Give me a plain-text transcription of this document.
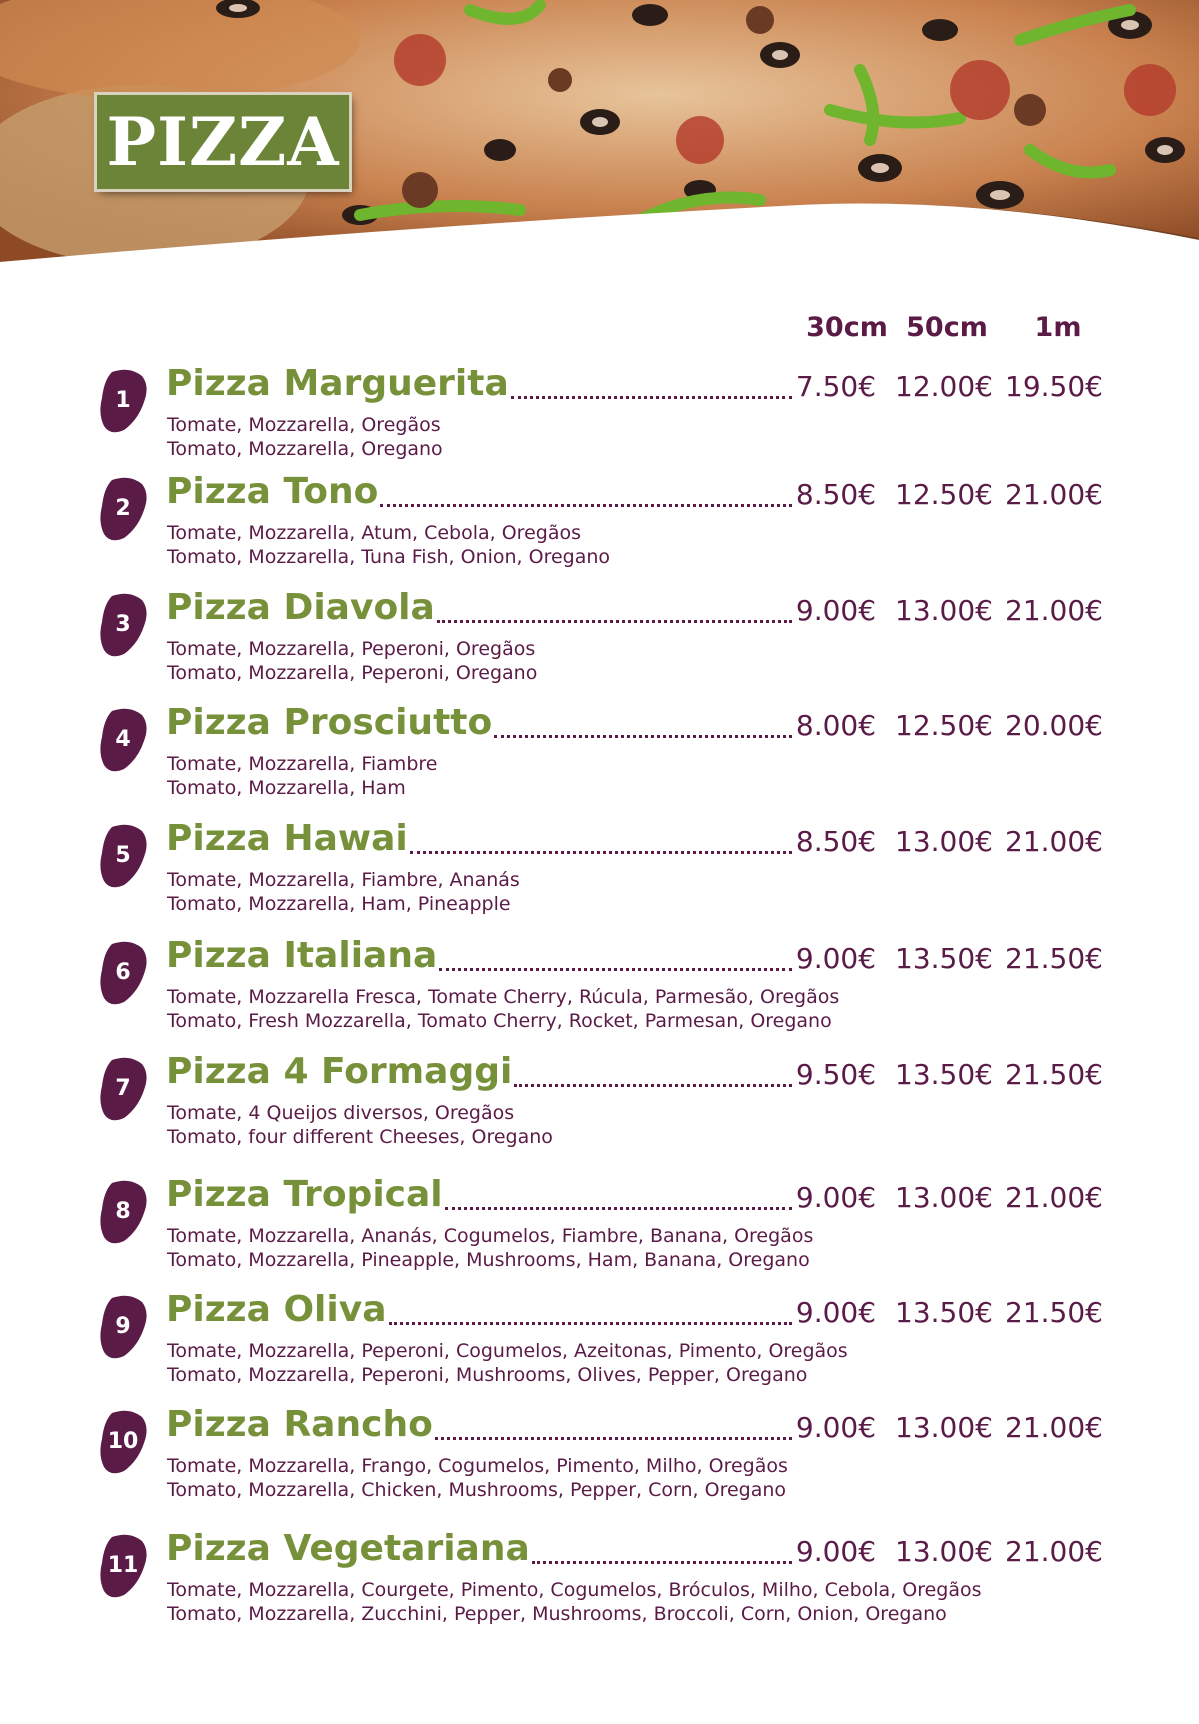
PIZZA
30cm 50cm	1m
1 Pizza Marguerita	7.50€ 12.00€ 19.50€
Tomate, Mozzarella, Oregãos
Tomato, Mozzarella, Oregano
2 Pizza Tono	8.50€ 12.50€ 21.00€
Tomate, Mozzarella, Atum, Cebola, Oregãos
Tomato, Mozzarella, Tuna Fish, Onion, Oregano
3 Pizza Diavola	9.00€ 13.00€ 21.00€
Tomate, Mozzarella, Peperoni, Oregãos
Tomato, Mozzarella, Peperoni, Oregano
4 Pizza Prosciutto	8.00€ 12.50€ 20.00€
Tomate, Mozzarella, Fiambre
Tomato, Mozzarella, Ham
5 Pizza Hawai	8.50€ 13.00€ 21.00€
Tomate, Mozzarella, Fiambre, Ananás
Tomato, Mozzarella, Ham, Pineapple
6 Pizza Italiana	9.00€ 13.50€ 21.50€
Tomate, Mozzarella Fresca, Tomate Cherry, Rúcula, Parmesão, Oregãos
Tomato, Fresh Mozzarella, Tomato Cherry, Rocket, Parmesan, Oregano
7 Pizza 4 Formaggi	9.50€ 13.50€ 21.50€
Tomate, 4 Queijos diversos, Oregãos
Tomato, four different Cheeses, Oregano
8 Pizza Tropical	9.00€ 13.00€ 21.00€
Tomate, Mozzarella, Ananás, Cogumelos, Fiambre, Banana, Oregãos
Tomato, Mozzarella, Pineapple, Mushrooms, Ham, Banana, Oregano
9 Pizza Oliva	9.00€ 13.50€ 21.50€
Tomate, Mozzarella, Peperoni, Cogumelos, Azeitonas, Pimento, Oregãos
Tomato, Mozzarella, Peperoni, Mushrooms, Olives, Pepper, Oregano
10 Pizza Rancho	9.00€ 13.00€ 21.00€
Tomate, Mozzarella, Frango, Cogumelos, Pimento, Milho, Oregãos
Tomato, Mozzarella, Chicken, Mushrooms, Pepper, Corn, Oregano
11 Pizza Vegetariana	9.00€ 13.00€ 21.00€
Tomate, Mozzarella, Courgete, Pimento, Cogumelos, Bróculos, Milho, Cebola, Oregãos
Tomato, Mozzarella, Zucchini, Pepper, Mushrooms, Broccoli, Corn, Onion, Oregano
